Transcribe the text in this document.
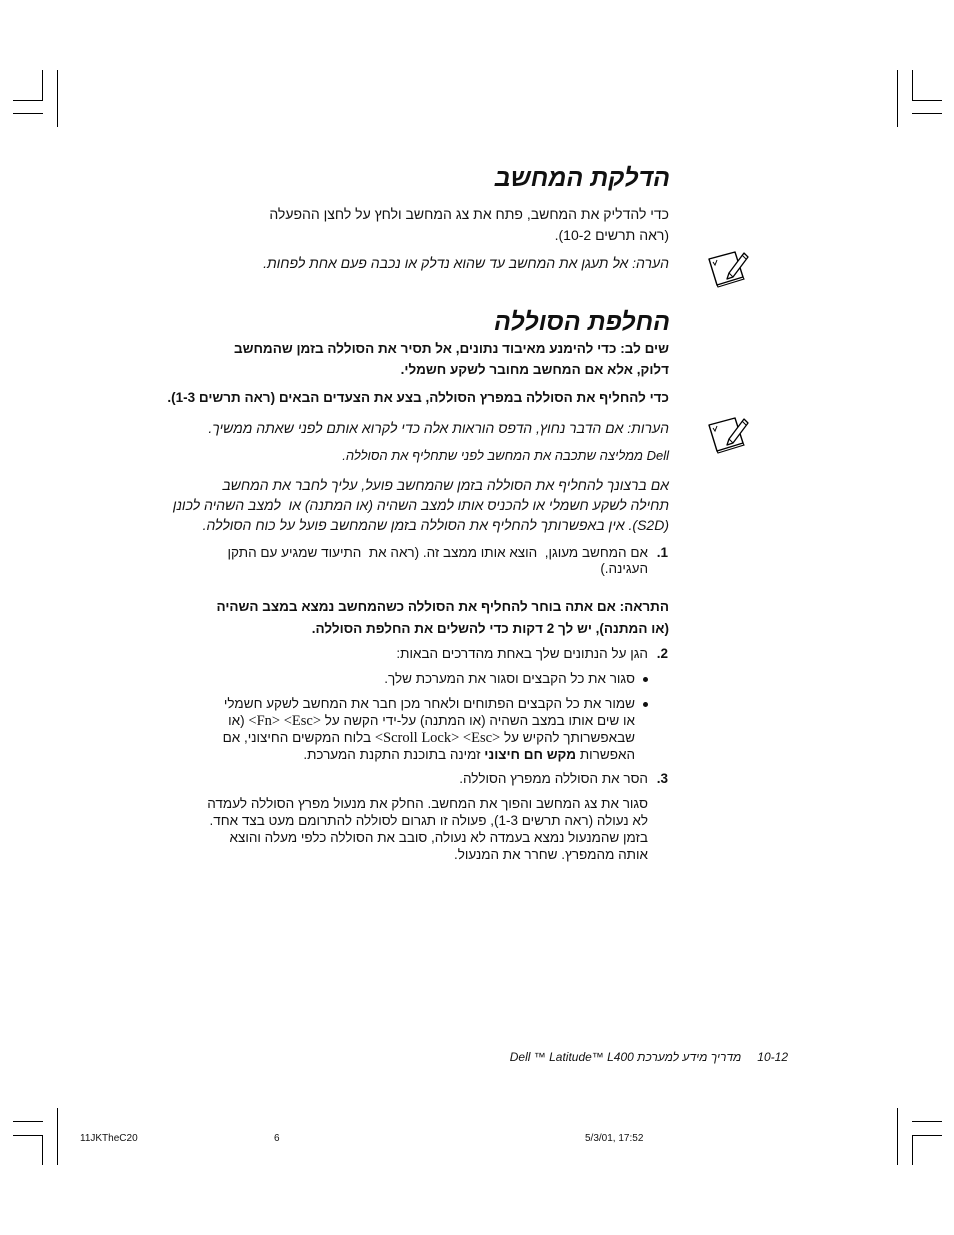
הדלקת המחשב
כדי להדליק את המחשב, פתח את צג המחשב ולחץ על לחצן ההפעלה
(ראה תרשים 10-2).
הערה: אל תעגן את המחשב עד שהוא נדלק או נכבה פעם אחת לפחות.
החלפת הסוללה
שים לב: כדי להימנע מאיבוד נתונים, אל תסיר את הסוללה בזמן שהמחשב
דלוק, אלא אם המחשב מחובר לשקע חשמלי.
כדי להחליף את הסוללה במפרץ הסוללה, בצע את הצעדים הבאים (ראה תרשים 1-3).
הערות: אם הדבר נחוץ, הדפס הוראות אלה כדי לקרוא אותם לפני שאתה ממשיך.
Dell ממליצה שתכבה את המחשב לפני שתחליף את הסוללה.
אם ברצונך להחליף את הסוללה בזמן שהמחשב פועל, עליך לחבר את המחשב
תחילה לשקע חשמלי או להכניס אותו למצב השהיה (או המתנה) או  למצב השהיה לכונן
(S2D). אין באפשרותך להחליף את הסוללה בזמן שהמחשב פועל על כוח הסוללה.
1.
אם המחשב מעוגן,  הוצא אותו ממצב זה. (ראה את  התיעוד שמגיע עם התקן
העגינה.)
התראה: אם אתה בוחר להחליף את הסוללה כשהמחשב נמצא במצב השהיה
(או המתנה), יש לך 2 דקות כדי להשלים את החלפת הסוללה.
2.
הגן על הנתונים שלך באחת מהדרכים הבאות:
סגור את כל הקבצים וסגור את המערכת שלך.
שמור את כל הקבצים הפתוחים ולאחר מכן חבר את המחשב לשקע חשמלי
או שים אותו במצב השהיה (או המתנה) על-ידי הקשה על <Fn> <Esc> (או
שבאפשרותך להקיש על <Scroll Lock> <Esc> בלוח המקשים החיצוני, אם
האפשרות מקש חם חיצוני זמינה בתוכנת התקנת המערכת.
3.
הסר את הסוללה ממפרץ הסוללה.
סגור את צג המחשב והפוך את המחשב. החלק את מנעול מפרץ הסוללה לעמדה
לא נעולה (ראה תרשים 1-3), פעולה זו תגרום לסוללה להתרומם מעט בצד אחד.
בזמן שהמנעול נמצא בעמדה לא נעולה, סובב את הסוללה כלפי מעלה והוצא
אותה מהמפרץ. שחרר את המנעול.
10-12
מדריך מידע למערכת Dell ™ Latitude™ L400
11JKTheC20	6	5/3/01, 17:52
